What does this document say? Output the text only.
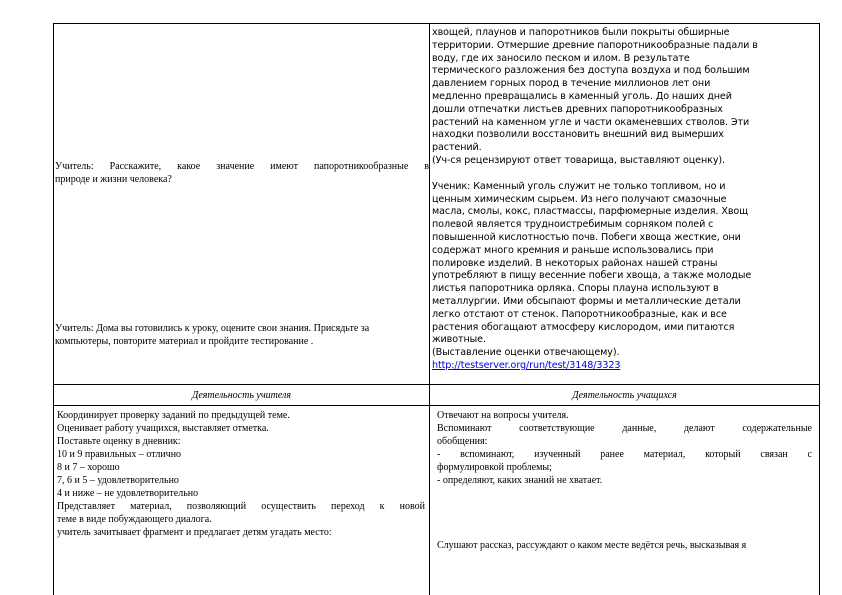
Учитель: Расскажите, какое значение имеют папоротникообразные в

природе и жизни человека?

Учитель: Дома вы готовились к уроку, оцените свои знания. Присядьте за

компьютеры, повторите материал и пройдите тестирование .

хвощей, плаунов и папоротников были покрыты обширные

территории. Отмершие древние папоротникообразные падали в

воду, где их заносило песком и илом. В результате

термического разложения без доступа воздуха и под большим

давлением горных пород в течение миллионов лет они

медленно превращались в каменный уголь. До наших дней

дошли отпечатки листьев древних папоротникообразных

растений на каменном угле и части окаменевших стволов. Эти

находки позволили восстановить внешний вид вымерших

растений.

(Уч-ся рецензируют ответ товарища, выставляют оценку).

Ученик: Каменный уголь служит не только топливом, но и

ценным химическим сырьем. Из него получают смазочные

масла, смолы, кокс, пластмассы, парфюмерные изделия. Хвощ

полевой является трудноистребимым сорняком полей с

повышенной кислотностью почв. Побеги хвоща жесткие, они

содержат много кремния и раньше использовались при

полировке изделий. В некоторых районах нашей страны

употребляют в пищу весенние побеги хвоща, а также молодые

листья папоротника орляка. Споры плауна используют в

металлургии. Ими обсыпают формы и металлические детали

легко отстают от стенок. Папоротникообразные, как и все

растения обогащают атмосферу кислородом, ими питаются

животные.

(Выставление оценки отвечающему).

http://testserver.org/run/test/3148/3323

Деятельность учителя	Деятельность учащихся

Координирует проверку заданий по предыдущей теме.

Оценивает работу учащихся, выставляет отметка.

Поставьте оценку в дневник:

10 и 9 правильных – отлично

8 и 7 – хорошо

7, 6 и 5 – удовлетворительно

4 и ниже – не удовлетворительно

Представляет материал, позволяющий осуществить переход к новой

теме в виде побуждающего диалога.

учитель зачитывает фрагмент и предлагает детям угадать место:

Отвечают на вопросы учителя.

Вспоминают соответствующие данные, делают содержательные

обобщения:

- вспоминают, изученный ранее материал, который связан с

формулировкой проблемы;

- определяют, каких знаний не хватает.

Слушают рассказ, рассуждают о каком месте ведётся речь, высказывая я
